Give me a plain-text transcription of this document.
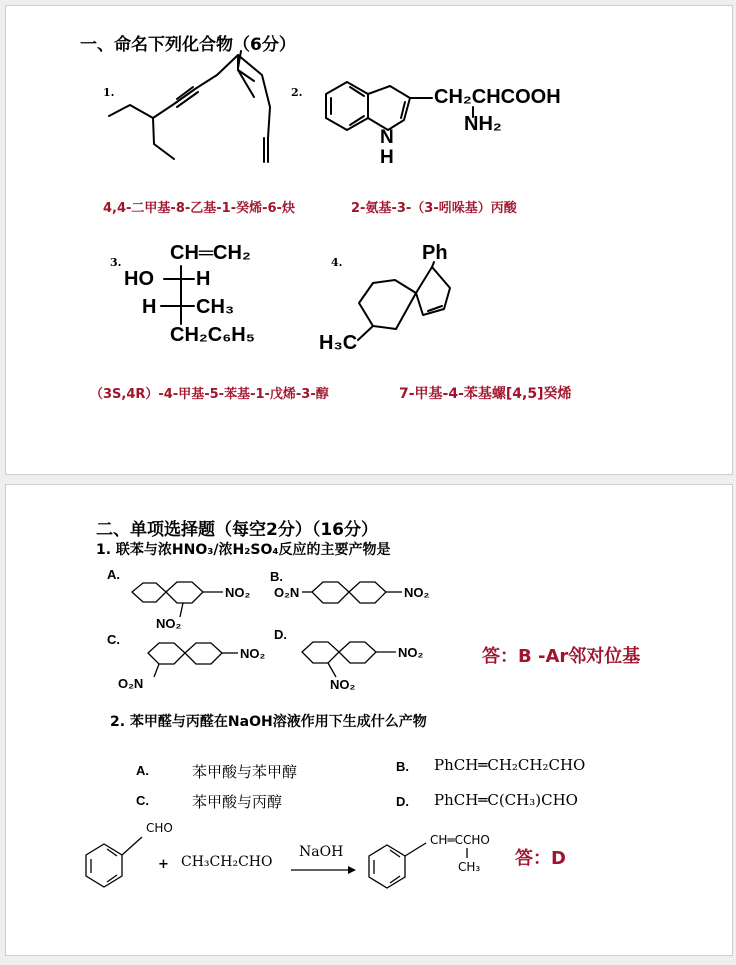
一、命名下列化合物（6分）
1.
4,4-二甲基-8-乙基-1-癸烯-6-炔
2.
N
H
CH₂CHCOOH
NH₂
2-氨基-3-（3-吲哚基）丙酸
3. CH═CH₂
HO H
H CH₃
CH₂C₆H₅
（3S,4R）-4-甲基-5-苯基-1-戊烯-3-醇
4.	Ph
H₃C
7-甲基-4-苯基螺[4,5]癸烯
二、单项选择题（每空2分）（16分）
1. 联苯与浓HNO₃/浓H₂SO₄反应的主要产物是
A.	B.
C.	D.
NO₂
NO₂
O₂N	NO₂
NO₂
O₂N
NO₂
NO₂
答：B -Ar邻对位基
2. 苯甲醛与丙醛在NaOH溶液作用下生成什么产物
A.	苯甲酸与苯甲醇	B. PhCH═CH₂CH₂CHO
C.	苯甲酸与丙醇	D. PhCH═C(CH₃)CHO
CHO
+ CH₃CH₂CHO
NaOH
CH═CCHO
CH₃ 答：D
